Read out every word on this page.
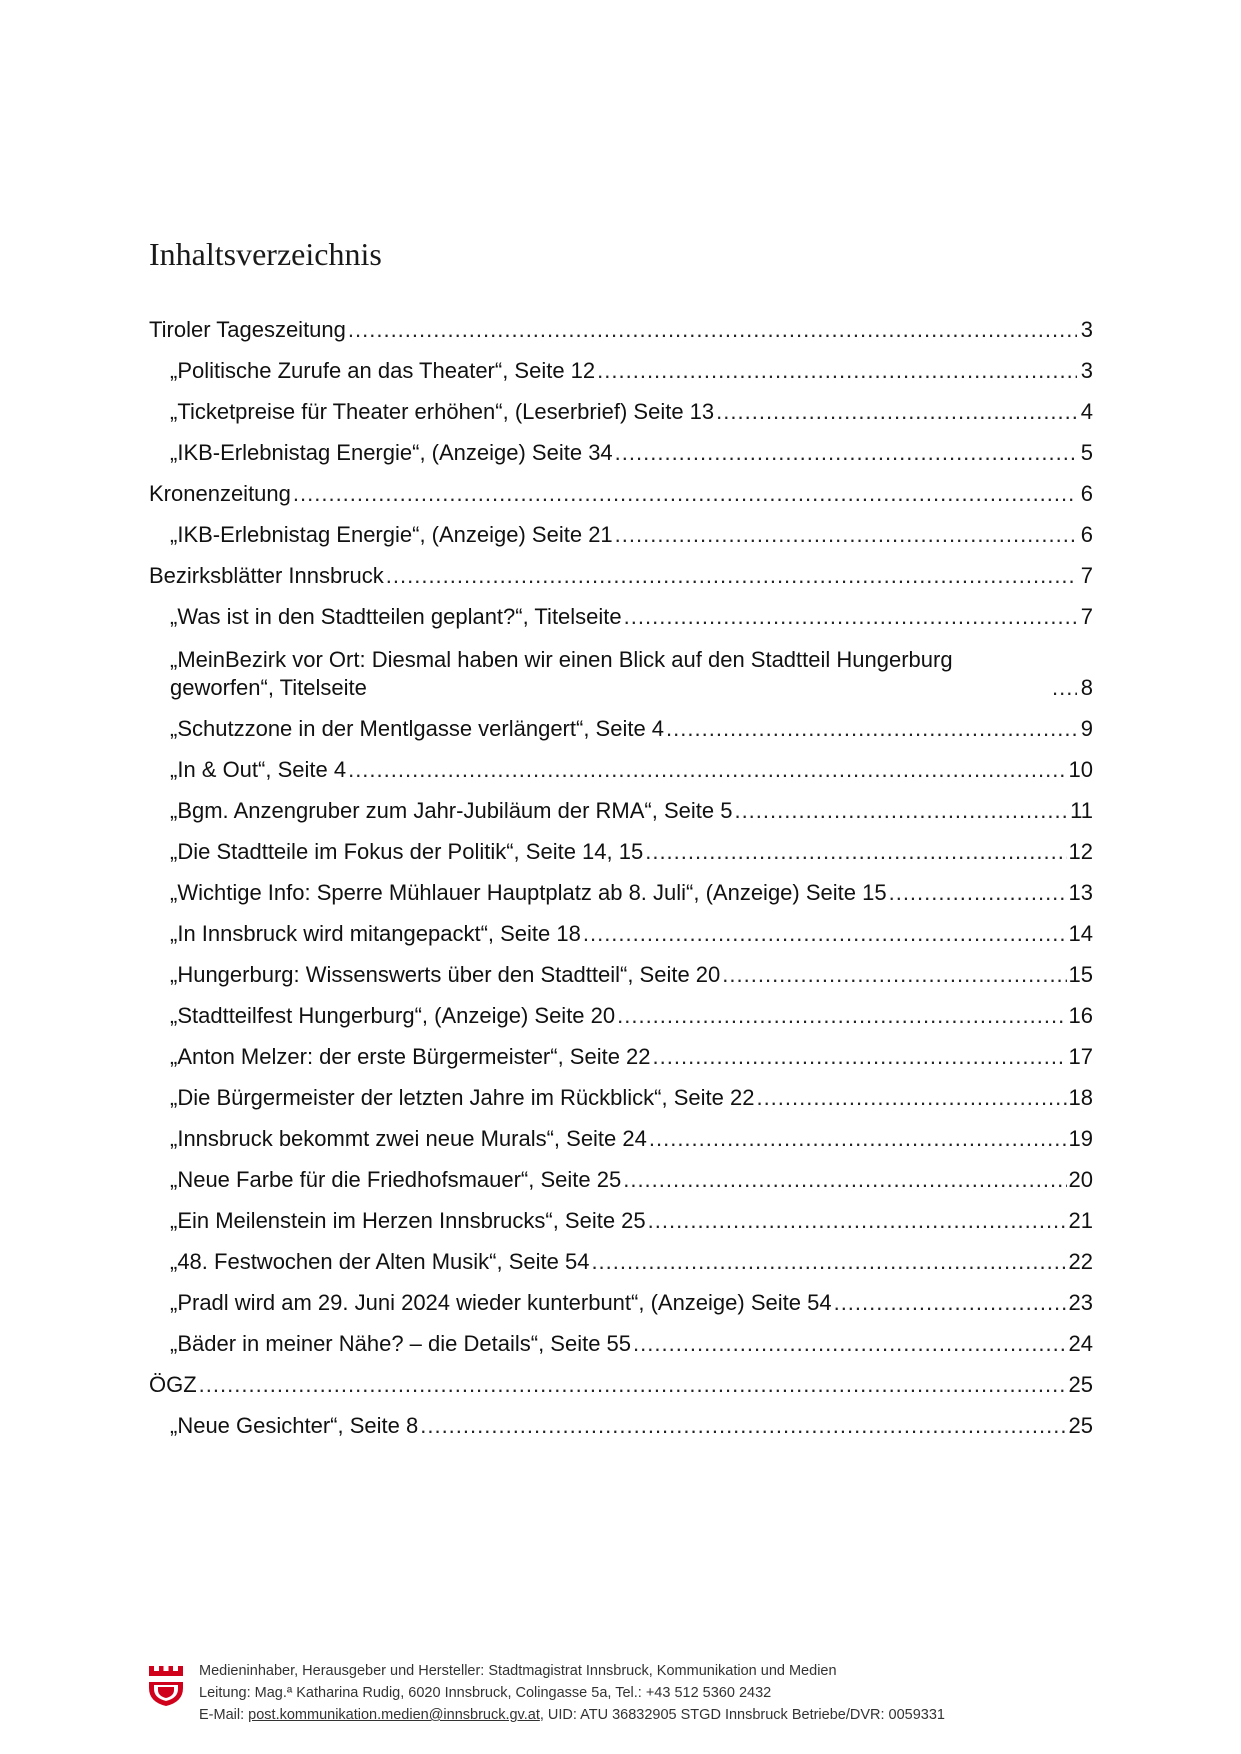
Inhaltsverzeichnis
Tiroler Tageszeitung .....	3
„Politische Zurufe an das Theater“, Seite 12 .....	3
„Ticketpreise für Theater erhöhen“, (Leserbrief) Seite 13 .....	4
„IKB-Erlebnistag Energie“, (Anzeige) Seite 34 .....	5
Kronenzeitung .....	6
„IKB-Erlebnistag Energie“, (Anzeige) Seite 21 .....	6
Bezirksblätter Innsbruck .....	7
„Was ist in den Stadtteilen geplant?“, Titelseite .....	7
„MeinBezirk vor Ort: Diesmal haben wir einen Blick auf den Stadtteil Hungerburg geworfen“, Titelseite .....	8
„Schutzzone in der Mentlgasse verlängert“, Seite 4 .....	9
„In & Out“, Seite 4 .....	10
„Bgm. Anzengruber zum Jahr-Jubiläum der RMA“, Seite 5 .....	11
„Die Stadtteile im Fokus der Politik“, Seite 14, 15 .....	12
„Wichtige Info: Sperre Mühlauer Hauptplatz ab 8. Juli“, (Anzeige) Seite 15 .....	13
„In Innsbruck wird mitangepackt“, Seite 18 .....	14
„Hungerburg: Wissenswerts über den Stadtteil“, Seite 20 .....	15
„Stadtteilfest Hungerburg“, (Anzeige) Seite 20 .....	16
„Anton Melzer: der erste Bürgermeister“, Seite 22 .....	17
„Die Bürgermeister der letzten Jahre im Rückblick“, Seite 22 .....	18
„Innsbruck bekommt zwei neue Murals“, Seite 24 .....	19
„Neue Farbe für die Friedhofsmauer“, Seite 25 .....	20
„Ein Meilenstein im Herzen Innsbrucks“, Seite 25 .....	21
„48. Festwochen der Alten Musik“, Seite 54 .....	22
„Pradl wird am 29. Juni 2024 wieder kunterbunt“, (Anzeige) Seite 54 .....	23
„Bäder in meiner Nähe? – die Details“, Seite 55 .....	24
ÖGZ .....	25
„Neue Gesichter“, Seite 8 .....	25
Medieninhaber, Herausgeber und Hersteller: Stadtmagistrat Innsbruck, Kommunikation und Medien
Leitung: Mag.ª Katharina Rudig, 6020 Innsbruck, Colingasse 5a, Tel.: +43 512 5360 2432
E-Mail: post.kommunikation.medien@innsbruck.gv.at, UID: ATU 36832905 STGD Innsbruck Betriebe/DVR: 0059331
